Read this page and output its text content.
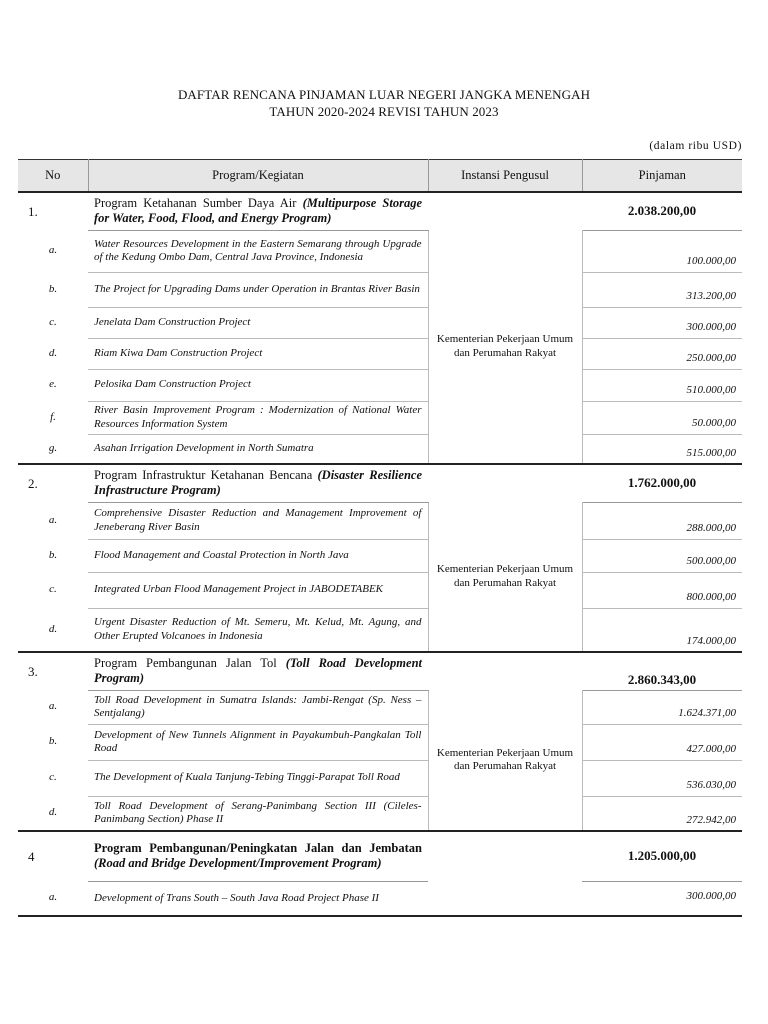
DAFTAR RENCANA PINJAMAN LUAR NEGERI JANGKA MENENGAH
TAHUN 2020-2024 REVISI TAHUN 2023
(dalam ribu USD)
No	Program/Kegiatan	Instansi Pengusul	Pinjaman
1.	Program Ketahanan Sumber Daya Air (Multipurpose Storage for Water, Food, Flood, and Energy Program)		2.038.200,00
a.	Water Resources Development in the Eastern Semarang through Upgrade of the Kedung Ombo Dam, Central Java Province, Indonesia	Kementerian Pekerjaan Umum dan Perumahan Rakyat	100.000,00
b.	The Project for Upgrading Dams under Operation in Brantas River Basin		313.200,00
c.	Jenelata Dam Construction Project		300.000,00
d.	Riam Kiwa Dam Construction Project		250.000,00
e.	Pelosika Dam Construction Project		510.000,00
f.	River Basin Improvement Program : Modernization of National Water Resources Information System		50.000,00
g.	Asahan Irrigation Development in North Sumatra		515.000,00
2.	Program Infrastruktur Ketahanan Bencana (Disaster Resilience Infrastructure Program)		1.762.000,00
a.	Comprehensive Disaster Reduction and Management Improvement of Jeneberang River Basin	Kementerian Pekerjaan Umum dan Perumahan Rakyat	288.000,00
b.	Flood Management and Coastal Protection in North Java		500.000,00
c.	Integrated Urban Flood Management Project in JABODETABEK		800.000,00
d.	Urgent Disaster Reduction of Mt. Semeru, Mt. Kelud, Mt. Agung, and Other Erupted Volcanoes in Indonesia		174.000,00
3.	Program Pembangunan Jalan Tol (Toll Road Development Program)		2.860.343,00
a.	Toll Road Development in Sumatra Islands: Jambi-Rengat (Sp. Ness – Sentjalang)	Kementerian Pekerjaan Umum dan Perumahan Rakyat	1.624.371,00
b.	Development of New Tunnels Alignment in Payakumbuh-Pangkalan Toll Road		427.000,00
c.	The Development of Kuala Tanjung-Tebing Tinggi-Parapat Toll Road		536.030,00
d.	Toll Road Development of Serang-Panimbang Section III (Cileles-Panimbang Section) Phase II		272.942,00
4	Program Pembangunan/Peningkatan Jalan dan Jembatan (Road and Bridge Development/Improvement Program)		1.205.000,00
a.	Development of Trans South – South Java Road Project Phase II		300.000,00
